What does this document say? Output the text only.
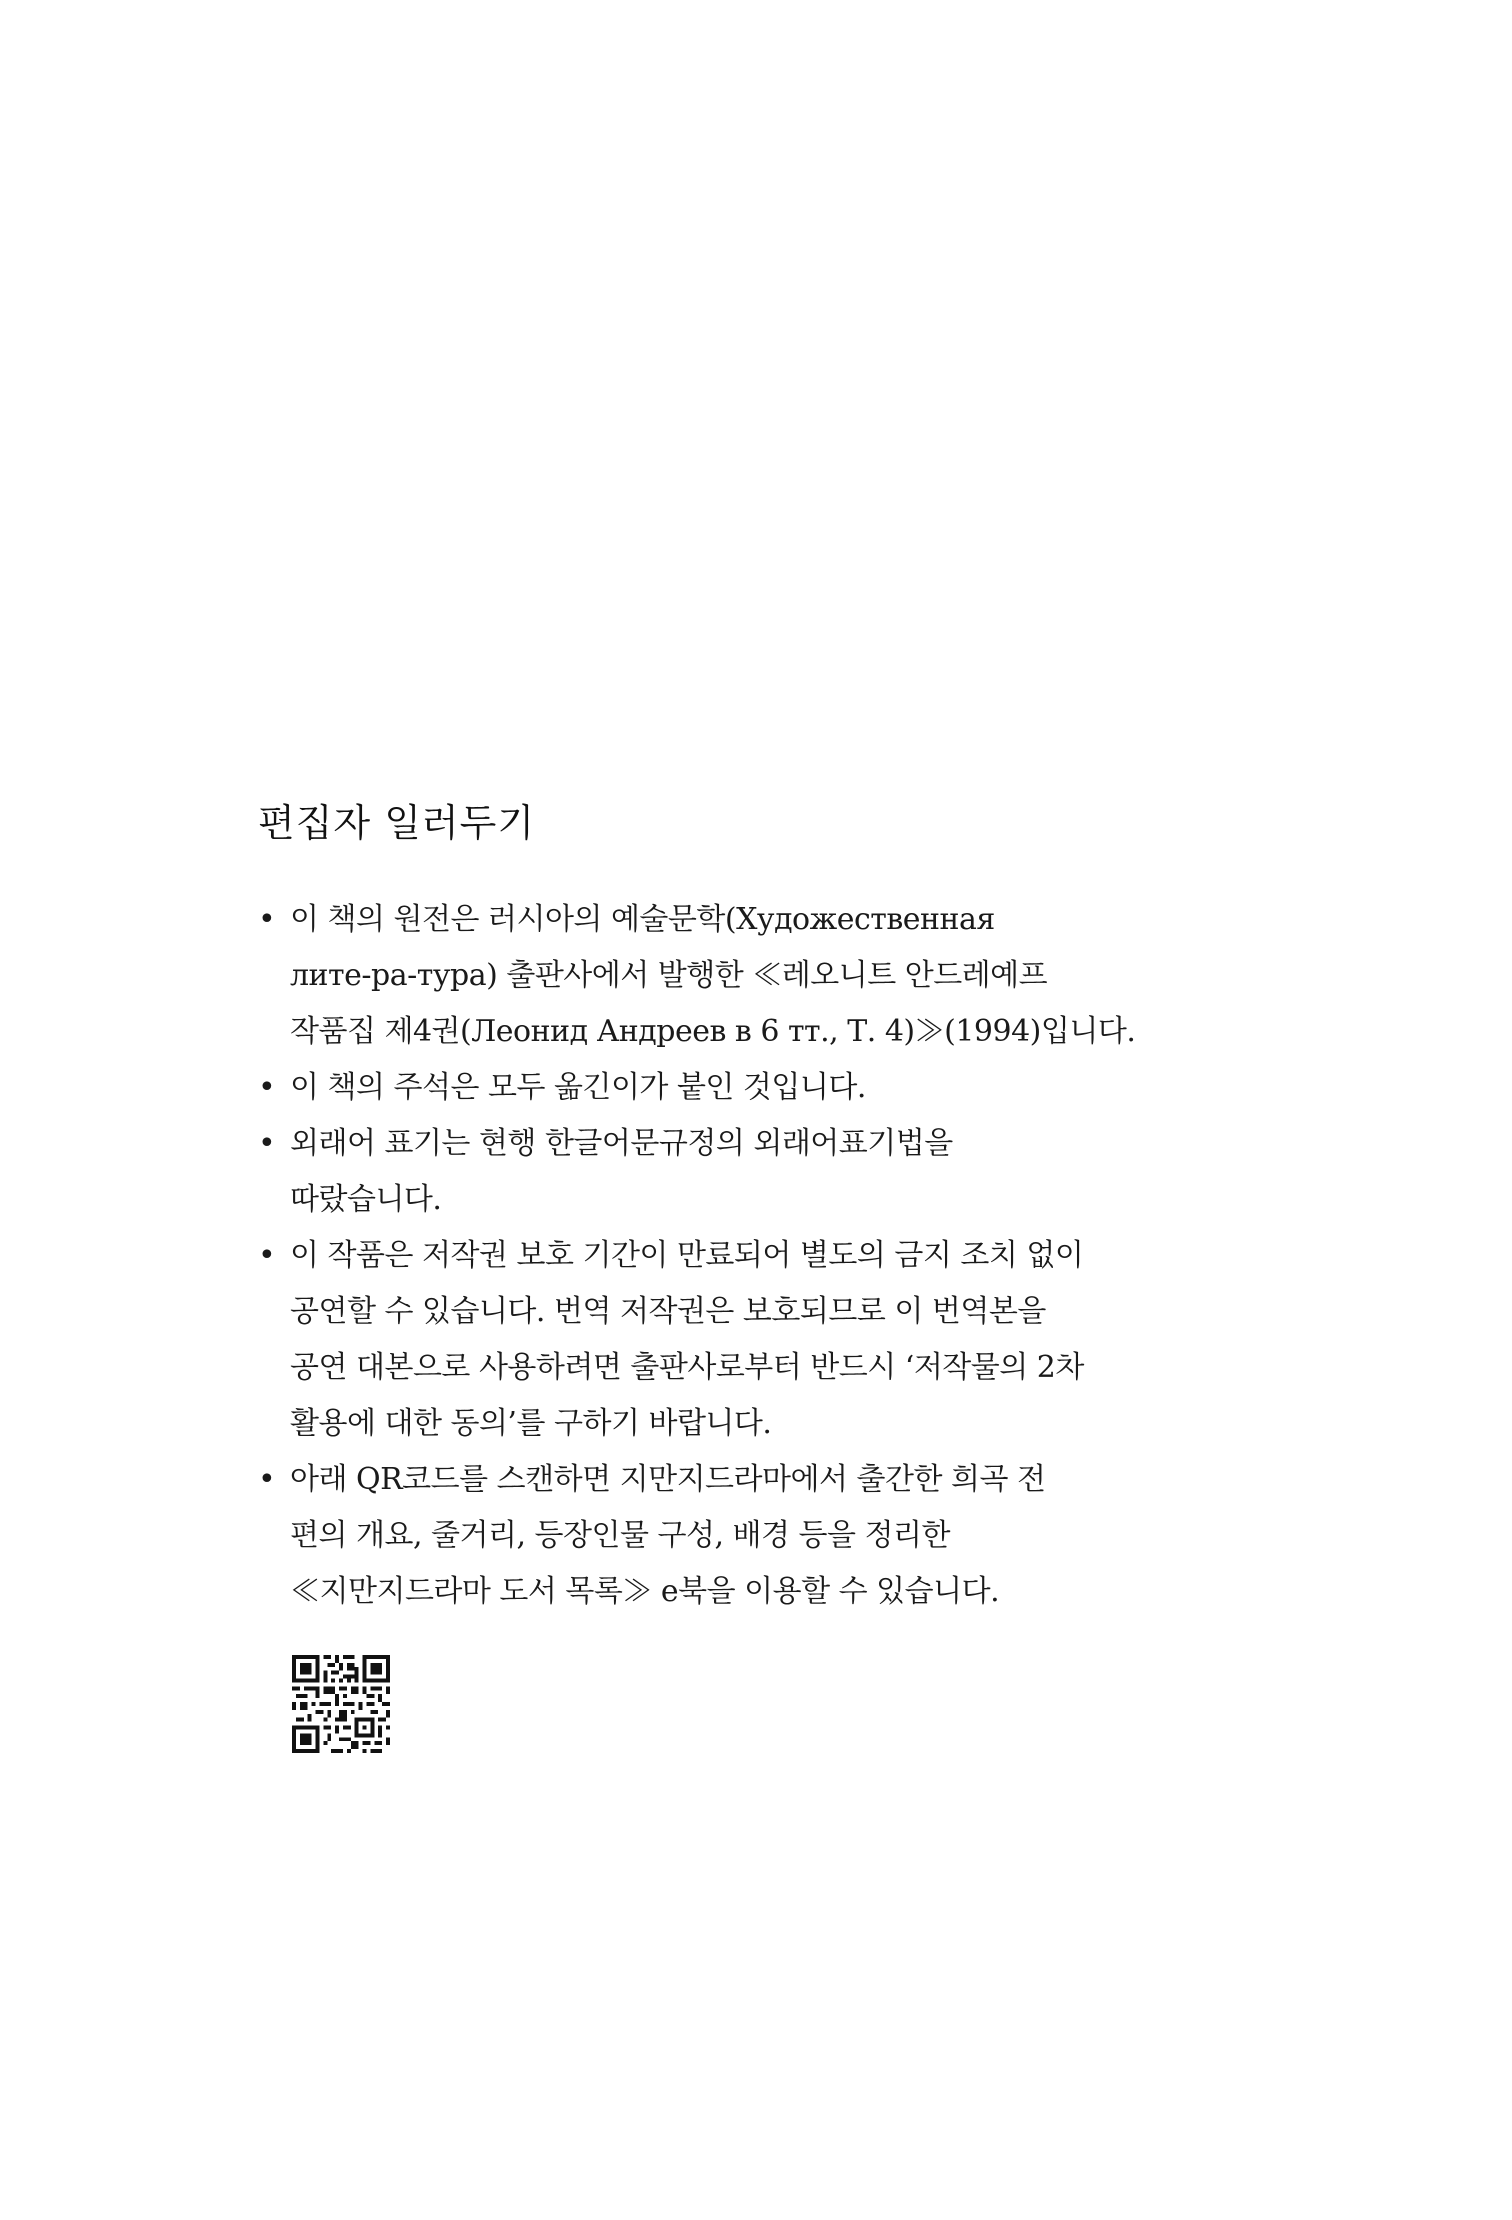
편집자 일러두기
• 이 책의 원전은 러시아의 예술문학(Художественная
лите-ра-тура) 출판사에서 발행한 ≪레오니트 안드레예프
작품집 제4권(Леонид Андреев в 6 тт., Т. 4)≫(1994)입니다.
• 이 책의 주석은 모두 옮긴이가 붙인 것입니다.
• 외래어 표기는 현행 한글어문규정의 외래어표기법을
따랐습니다.
• 이 작품은 저작권 보호 기간이 만료되어 별도의 금지 조치 없이
공연할 수 있습니다. 번역 저작권은 보호되므로 이 번역본을
공연 대본으로 사용하려면 출판사로부터 반드시 ‘저작물의 2차
활용에 대한 동의’를 구하기 바랍니다.
• 아래 QR코드를 스캔하면 지만지드라마에서 출간한 희곡 전
편의 개요, 줄거리, 등장인물 구성, 배경 등을 정리한
≪지만지드라마 도서 목록≫ e북을 이용할 수 있습니다.
